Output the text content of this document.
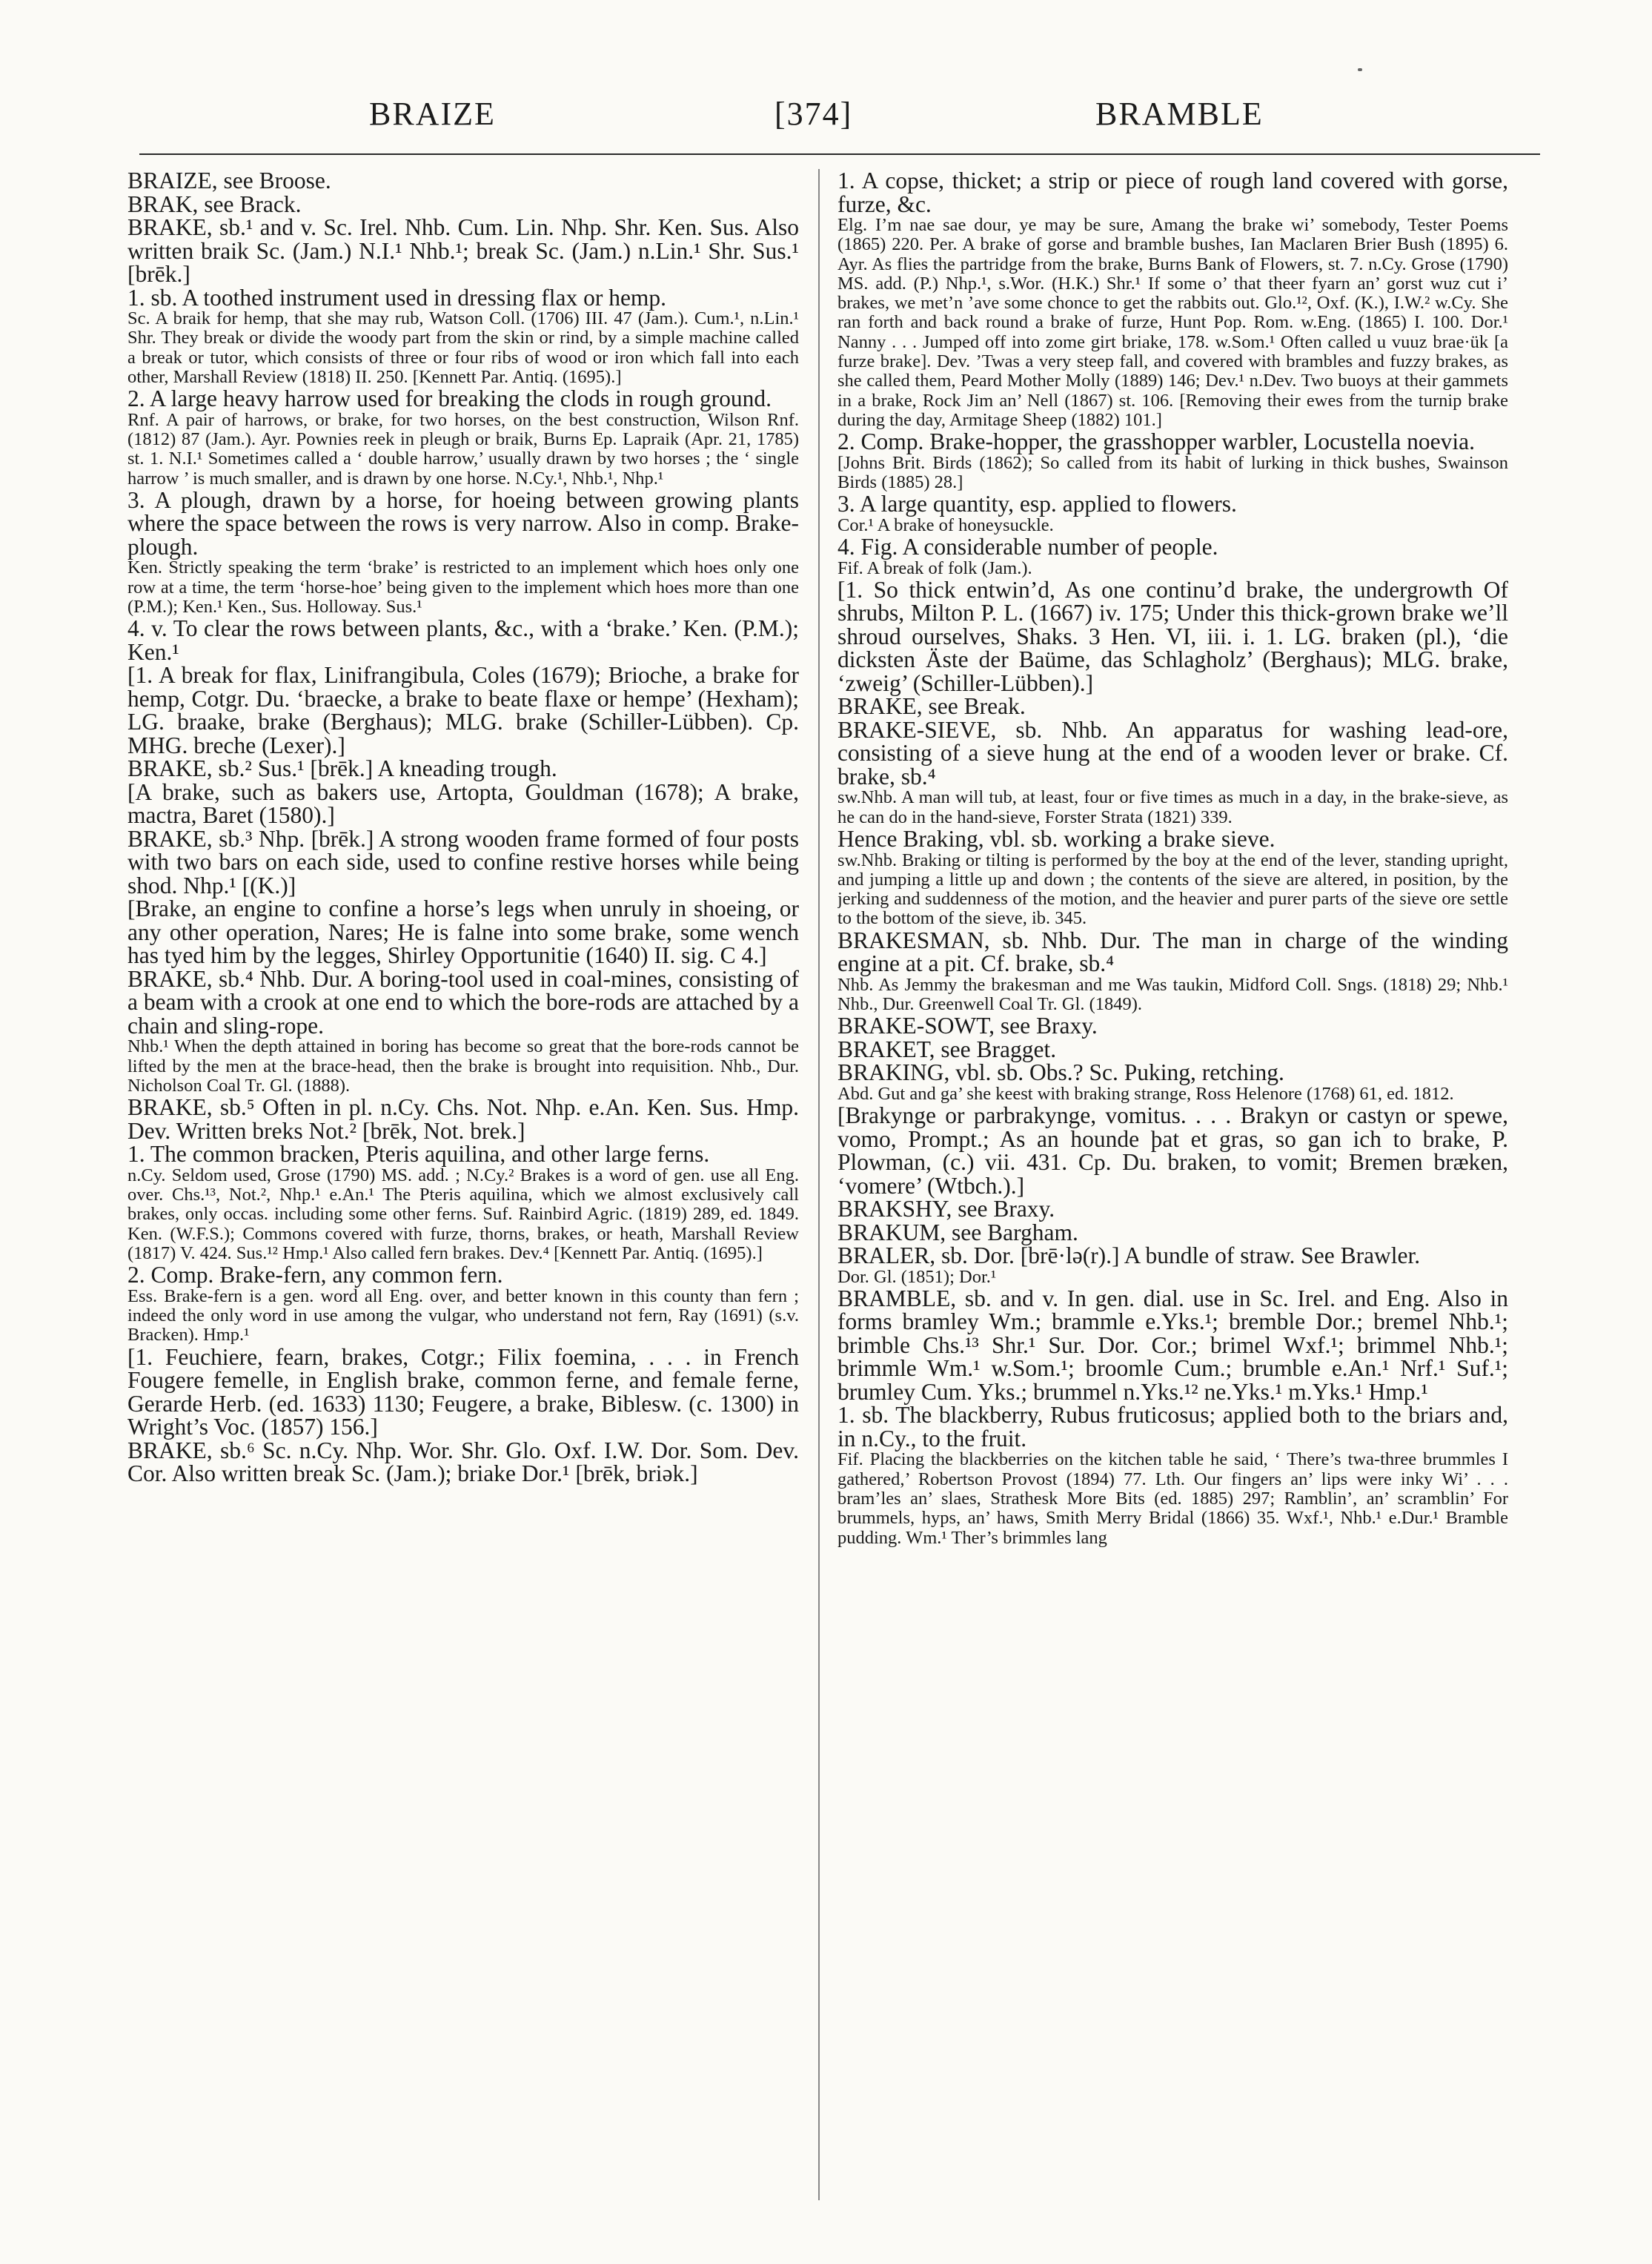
BRAIZE	[374]	BRAMBLE

BRAIZE, see Broose.

BRAK, see Brack.

BRAKE, sb.¹ and v. Sc. Irel. Nhb. Cum. Lin. Nhp. Shr. Ken. Sus. Also written braik Sc. (Jam.) N.I.¹ Nhb.¹; break Sc. (Jam.) n.Lin.¹ Shr. Sus.¹ [brēk.]

1. sb. A toothed instrument used in dressing flax or hemp.

Sc. A braik for hemp, that she may rub, Watson Coll. (1706) III. 47 (Jam.). Cum.¹, n.Lin.¹ Shr. They break or divide the woody part from the skin or rind, by a simple machine called a break or tutor, which consists of three or four ribs of wood or iron which fall into each other, Marshall Review (1818) II. 250. [Kennett Par. Antiq. (1695).]

2. A large heavy harrow used for breaking the clods in rough ground.

Rnf. A pair of harrows, or brake, for two horses, on the best construction, Wilson Rnf. (1812) 87 (Jam.). Ayr. Pownies reek in pleugh or braik, Burns Ep. Lapraik (Apr. 21, 1785) st. 1. N.I.¹ Sometimes called a ‘ double harrow,’ usually drawn by two horses ; the ‘ single harrow ’ is much smaller, and is drawn by one horse. N.Cy.¹, Nhb.¹, Nhp.¹

3. A plough, drawn by a horse, for hoeing between growing plants where the space between the rows is very narrow. Also in comp. Brake-plough.

Ken. Strictly speaking the term ‘brake’ is restricted to an implement which hoes only one row at a time, the term ‘horse-hoe’ being given to the implement which hoes more than one (P.M.); Ken.¹ Ken., Sus. Holloway. Sus.¹

4. v. To clear the rows between plants, &c., with a ‘brake.’ Ken. (P.M.); Ken.¹

[1. A break for flax, Linifrangibula, Coles (1679); Brioche, a brake for hemp, Cotgr. Du. ‘braecke, a brake to beate flaxe or hempe’ (Hexham); LG. braake, brake (Berghaus); MLG. brake (Schiller-Lübben). Cp. MHG. breche (Lexer).]

BRAKE, sb.² Sus.¹ [brēk.] A kneading trough.

[A brake, such as bakers use, Artopta, Gouldman (1678); A brake, mactra, Baret (1580).]

BRAKE, sb.³ Nhp. [brēk.] A strong wooden frame formed of four posts with two bars on each side, used to confine restive horses while being shod. Nhp.¹ [(K.)]

[Brake, an engine to confine a horse’s legs when unruly in shoeing, or any other operation, Nares; He is falne into some brake, some wench has tyed him by the legges, Shirley Opportunitie (1640) II. sig. C 4.]

BRAKE, sb.⁴ Nhb. Dur. A boring-tool used in coal-mines, consisting of a beam with a crook at one end to which the bore-rods are attached by a chain and sling-rope.

Nhb.¹ When the depth attained in boring has become so great that the bore-rods cannot be lifted by the men at the brace-head, then the brake is brought into requisition. Nhb., Dur. Nicholson Coal Tr. Gl. (1888).

BRAKE, sb.⁵ Often in pl. n.Cy. Chs. Not. Nhp. e.An. Ken. Sus. Hmp. Dev. Written breks Not.² [brēk, Not. brek.]

1. The common bracken, Pteris aquilina, and other large ferns.

n.Cy. Seldom used, Grose (1790) MS. add. ; N.Cy.² Brakes is a word of gen. use all Eng. over. Chs.¹³, Not.², Nhp.¹ e.An.¹ The Pteris aquilina, which we almost exclusively call brakes, only occas. including some other ferns. Suf. Rainbird Agric. (1819) 289, ed. 1849. Ken. (W.F.S.); Commons covered with furze, thorns, brakes, or heath, Marshall Review (1817) V. 424. Sus.¹² Hmp.¹ Also called fern brakes. Dev.⁴ [Kennett Par. Antiq. (1695).]

2. Comp. Brake-fern, any common fern.

Ess. Brake-fern is a gen. word all Eng. over, and better known in this county than fern ; indeed the only word in use among the vulgar, who understand not fern, Ray (1691) (s.v. Bracken). Hmp.¹

[1. Feuchiere, fearn, brakes, Cotgr.; Filix foemina, . . . in French Fougere femelle, in English brake, common ferne, and female ferne, Gerarde Herb. (ed. 1633) 1130; Feugere, a brake, Biblesw. (c. 1300) in Wright’s Voc. (1857) 156.]

BRAKE, sb.⁶ Sc. n.Cy. Nhp. Wor. Shr. Glo. Oxf. I.W. Dor. Som. Dev. Cor. Also written break Sc. (Jam.); briake Dor.¹ [brēk, briək.]

1. A copse, thicket; a strip or piece of rough land covered with gorse, furze, &c.

Elg. I’m nae sae dour, ye may be sure, Amang the brake wi’ somebody, Tester Poems (1865) 220. Per. A brake of gorse and bramble bushes, Ian Maclaren Brier Bush (1895) 6. Ayr. As flies the partridge from the brake, Burns Bank of Flowers, st. 7. n.Cy. Grose (1790) MS. add. (P.) Nhp.¹, s.Wor. (H.K.) Shr.¹ If some o’ that theer fyarn an’ gorst wuz cut i’ brakes, we met’n ’ave some chonce to get the rabbits out. Glo.¹², Oxf. (K.), I.W.² w.Cy. She ran forth and back round a brake of furze, Hunt Pop. Rom. w.Eng. (1865) I. 100. Dor.¹ Nanny . . . Jumped off into zome girt briake, 178. w.Som.¹ Often called u vuuz brae·ük [a furze brake]. Dev. ’Twas a very steep fall, and covered with brambles and fuzzy brakes, as she called them, Peard Mother Molly (1889) 146; Dev.¹ n.Dev. Two buoys at their gammets in a brake, Rock Jim an’ Nell (1867) st. 106. [Removing their ewes from the turnip brake during the day, Armitage Sheep (1882) 101.]

2. Comp. Brake-hopper, the grasshopper warbler, Locustella noevia.

[Johns Brit. Birds (1862); So called from its habit of lurking in thick bushes, Swainson Birds (1885) 28.]

3. A large quantity, esp. applied to flowers.

Cor.¹ A brake of honeysuckle.

4. Fig. A considerable number of people.

Fif. A break of folk (Jam.).

[1. So thick entwin’d, As one continu’d brake, the undergrowth Of shrubs, Milton P. L. (1667) iv. 175; Under this thick-grown brake we’ll shroud ourselves, Shaks. 3 Hen. VI, iii. i. 1. LG. braken (pl.), ‘die dicksten Äste der Baüme, das Schlagholz’ (Berghaus); MLG. brake, ‘zweig’ (Schiller-Lübben).]

BRAKE, see Break.

BRAKE-SIEVE, sb. Nhb. An apparatus for washing lead-ore, consisting of a sieve hung at the end of a wooden lever or brake. Cf. brake, sb.⁴

sw.Nhb. A man will tub, at least, four or five times as much in a day, in the brake-sieve, as he can do in the hand-sieve, Forster Strata (1821) 339.

Hence Braking, vbl. sb. working a brake sieve.

sw.Nhb. Braking or tilting is performed by the boy at the end of the lever, standing upright, and jumping a little up and down ; the contents of the sieve are altered, in position, by the jerking and suddenness of the motion, and the heavier and purer parts of the sieve ore settle to the bottom of the sieve, ib. 345.

BRAKESMAN, sb. Nhb. Dur. The man in charge of the winding engine at a pit. Cf. brake, sb.⁴

Nhb. As Jemmy the brakesman and me Was taukin, Midford Coll. Sngs. (1818) 29; Nhb.¹ Nhb., Dur. Greenwell Coal Tr. Gl. (1849).

BRAKE-SOWT, see Braxy.

BRAKET, see Bragget.

BRAKING, vbl. sb. Obs.? Sc. Puking, retching.

Abd. Gut and ga’ she keest with braking strange, Ross Helenore (1768) 61, ed. 1812.

[Brakynge or parbrakynge, vomitus. . . . Brakyn or castyn or spewe, vomo, Prompt.; As an hounde þat et gras, so gan ich to brake, P. Plowman, (c.) vii. 431. Cp. Du. braken, to vomit; Bremen bræken, ‘vomere’ (Wtbch.).]

BRAKSHY, see Braxy.

BRAKUM, see Bargham.

BRALER, sb. Dor. [brē·lə(r).] A bundle of straw. See Brawler.

Dor. Gl. (1851); Dor.¹

BRAMBLE, sb. and v. In gen. dial. use in Sc. Irel. and Eng. Also in forms bramley Wm.; brammle e.Yks.¹; bremble Dor.; bremel Nhb.¹; brimble Chs.¹³ Shr.¹ Sur. Dor. Cor.; brimel Wxf.¹; brimmel Nhb.¹; brimmle Wm.¹ w.Som.¹; broomle Cum.; brumble e.An.¹ Nrf.¹ Suf.¹; brumley Cum. Yks.; brummel n.Yks.¹² ne.Yks.¹ m.Yks.¹ Hmp.¹

1. sb. The blackberry, Rubus fruticosus; applied both to the briars and, in n.Cy., to the fruit.

Fif. Placing the blackberries on the kitchen table he said, ‘ There’s twa-three brummles I gathered,’ Robertson Provost (1894) 77. Lth. Our fingers an’ lips were inky Wi’ . . . bram’les an’ slaes, Strathesk More Bits (ed. 1885) 297; Ramblin’, an’ scramblin’ For brummels, hyps, an’ haws, Smith Merry Bridal (1866) 35. Wxf.¹, Nhb.¹ e.Dur.¹ Bramble pudding. Wm.¹ Ther’s brimmles lang
